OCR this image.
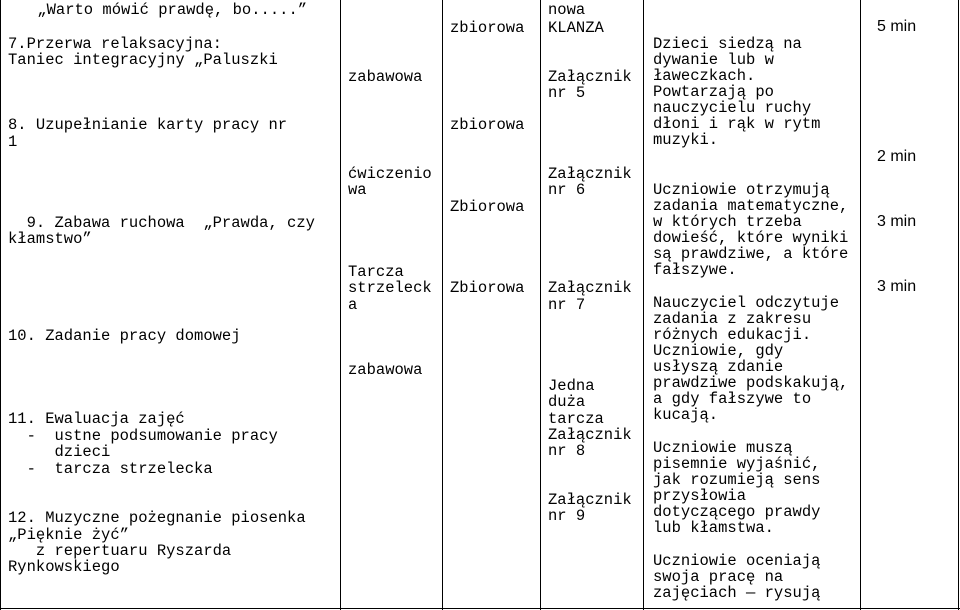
„Warto mówić prawdę, bo.....”
7.Przerwa relaksacyjna:
Taniec integracyjny „Paluszki
8. Uzupełnianie karty pracy nr
1
9. Zabawa ruchowa  „Prawda, czy
kłamstwo”
10. Zadanie pracy domowej
11. Ewaluacja zajęć
-  ustne podsumowanie pracy
dzieci
-  tarcza strzelecka
12. Muzyczne pożegnanie piosenka
„Pięknie żyć”
z repertuaru Ryszarda
Rynkowskiego
zabawowa
ćwiczenio
wa
Tarcza
strzeleck
a
zabawowa
zbiorowa
zbiorowa
Zbiorowa
Zbiorowa
nowa
KLANZA
Załącznik
nr 5
Załącznik
nr 6
Załącznik
nr 7
Jedna
duża
tarcza
Załącznik
nr 8
Załącznik
nr 9
Dzieci siedzą na
dywanie lub w
ławeczkach.
Powtarzają po
nauczycielu ruchy
dłoni i rąk w rytm
muzyki.
Uczniowie otrzymują
zadania matematyczne,
w których trzeba
dowieść, które wyniki
są prawdziwe, a które
fałszywe.
Nauczyciel odczytuje
zadania z zakresu
różnych edukacji.
Uczniowie, gdy
usłyszą zdanie
prawdziwe podskakują,
a gdy fałszywe to
kucają.
Uczniowie muszą
pisemnie wyjaśnić,
jak rozumieją sens
przysłowia
dotyczącego prawdy
lub kłamstwa.
Uczniowie oceniają
swoja pracę na
zajęciach — rysują
5 min
2 min
3 min
3 min
